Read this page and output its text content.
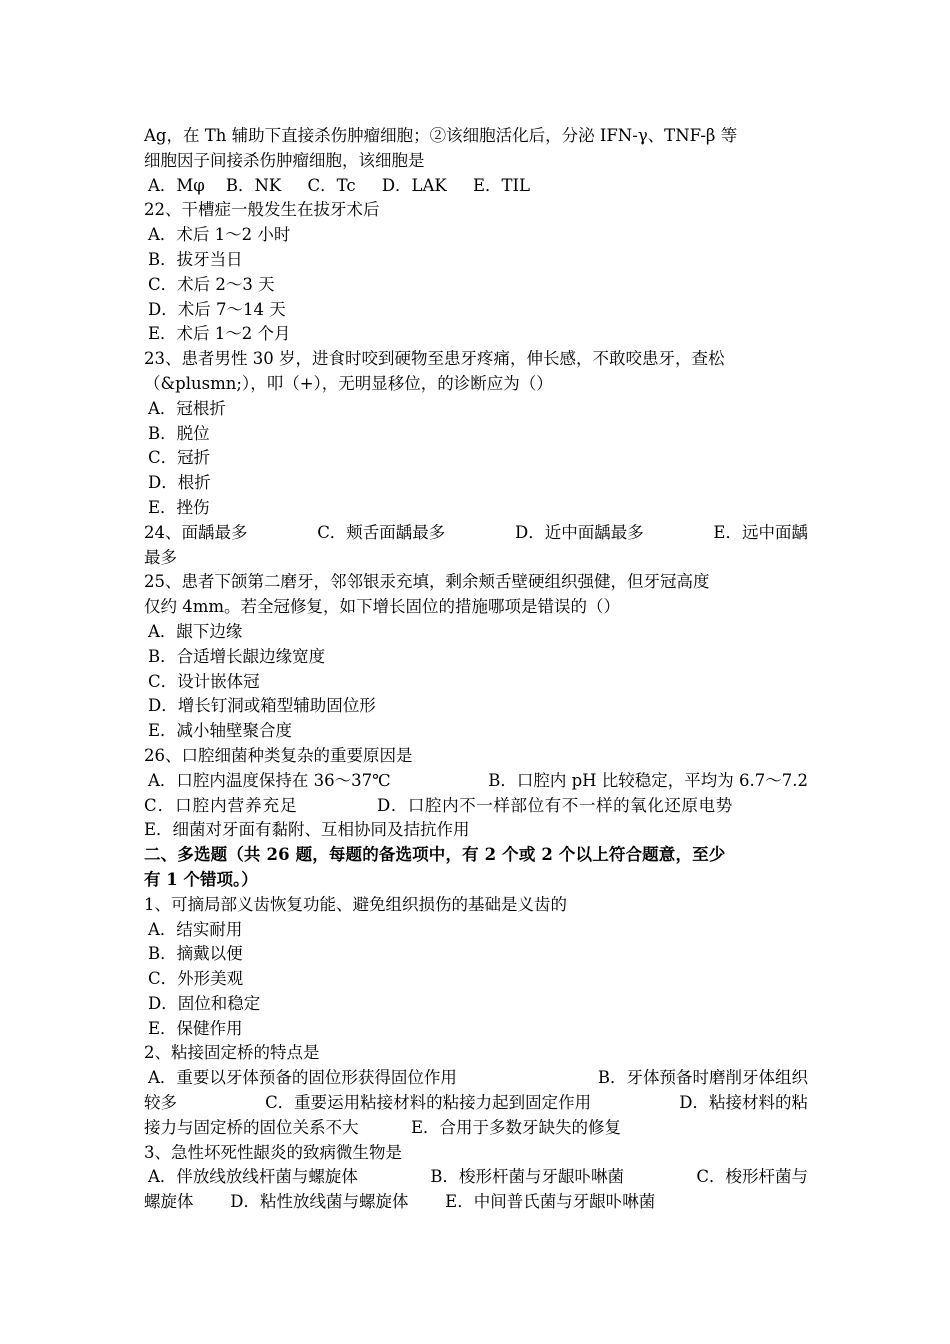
Ag，在 Th 辅助下直接杀伤肿瘤细胞；②该细胞活化后，分泌 IFN-γ、TNF-β 等
细胞因子间接杀伤肿瘤细胞，该细胞是
A．Mφ B．NK C．Tc D．LAK E．TIL
22、干槽症一般发生在拔牙术后
A．术后 1～2 小时
B．拔牙当日
C．术后 2～3 天
D．术后 7～14 天
E．术后 1～2 个月
23、患者男性 30 岁，进食时咬到硬物至患牙疼痛，伸长感，不敢咬患牙，查松
（&plusmn;），叩（+），无明显移位，的诊断应为（）
A．冠根折
B．脱位
C．冠折
D．根折
E．挫伤
24、面龋最多	C．颊舌面龋最多	D．近中面龋最多	E．远中面龋
最多
25、患者下颌第二磨牙，邻邻银汞充填，剩余颊舌壁硬组织强健，但牙冠高度
仅约 4mm。若全冠修复，如下增长固位的措施哪项是错误的（）
A．龈下边缘
B．合适增长龈边缘宽度
C．设计嵌体冠
D．增长钉洞或箱型辅助固位形
E．减小轴壁聚合度
26、口腔细菌种类复杂的重要原因是
A．口腔内温度保持在 36～37℃	B．口腔内 pH 比较稳定，平均为 6.7～7.2
C．口腔内营养充足	D．口腔内不一样部位有不一样的氧化还原电势
E．细菌对牙面有黏附、互相协同及拮抗作用
二、多选题（共 26 题，每题的备选项中，有 2 个或 2 个以上符合题意，至少
有 1 个错项。）
1、可摘局部义齿恢复功能、避免组织损伤的基础是义齿的
A．结实耐用
B．摘戴以便
C．外形美观
D．固位和稳定
E．保健作用
2、粘接固定桥的特点是
A．重要以牙体预备的固位形获得固位作用	B．牙体预备时磨削牙体组织
较多	C．重要运用粘接材料的粘接力起到固定作用	D．粘接材料的粘
接力与固定桥的固位关系不大	E．合用于多数牙缺失的修复
3、急性坏死性龈炎的致病微生物是
A．伴放线放线杆菌与螺旋体	B．梭形杆菌与牙龈卟啉菌	C．梭形杆菌与
螺旋体 D．粘性放线菌与螺旋体 E．中间普氏菌与牙龈卟啉菌
